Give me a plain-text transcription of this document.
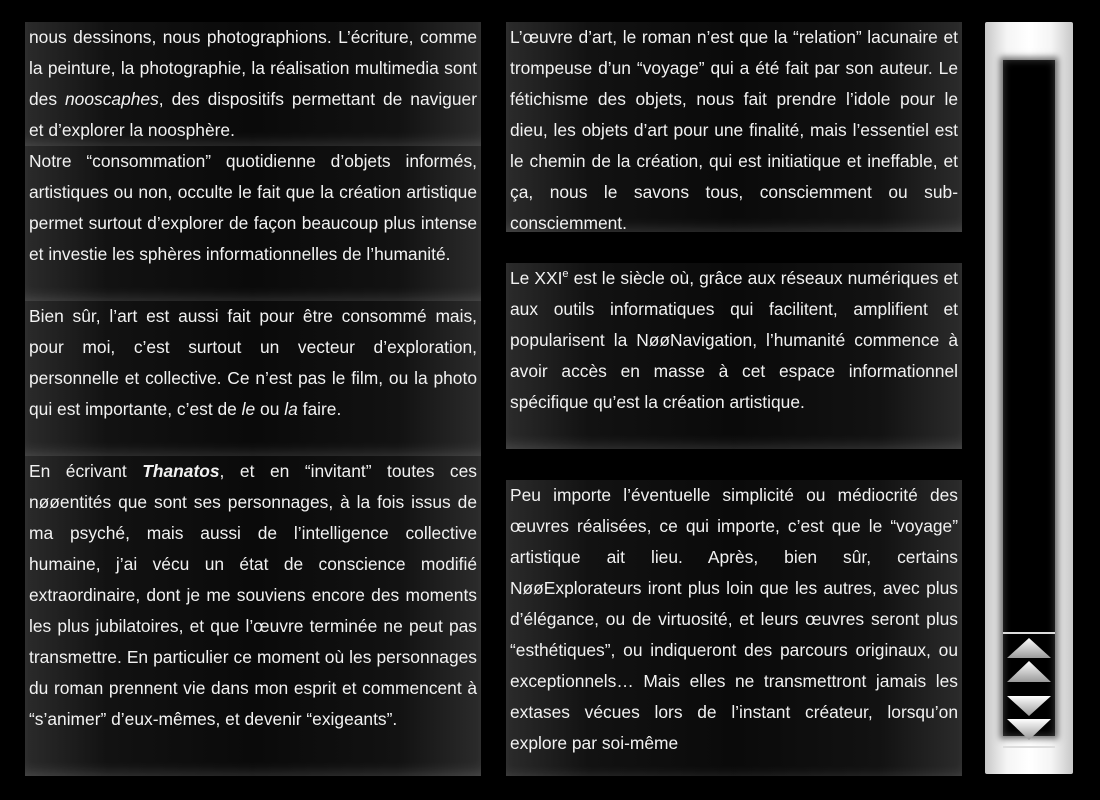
nous dessinons, nous photographions. L’écriture, comme la peinture, la photographie, la réalisation multimedia sont des nooscaphes, des dispositifs permettant de naviguer et d’explorer la noosphère.

Notre “consommation” quotidienne d’objets informés, artistiques ou non, occulte le fait que la création artistique permet surtout d’explorer de façon beaucoup plus intense et investie les sphères informationnelles de l’humanité.

Bien sûr, l’art est aussi fait pour être consommé mais, pour moi, c’est surtout un vecteur d’exploration, personnelle et collective. Ce n’est pas le film, ou la photo qui est importante, c’est de le ou la faire.

En écrivant Thanatos, et en “invitant” toutes ces nøøentités que sont ses personnages, à la fois issus de ma psyché, mais aussi de l’intelligence collective humaine, j’ai vécu un état de conscience modifié extraordinaire, dont je me souviens encore des moments les plus jubilatoires, et que l’œuvre terminée ne peut pas transmettre. En particulier ce moment où les personnages du roman prennent vie dans mon esprit et commencent à “s’animer” d’eux-mêmes, et devenir “exigeants”.

L’œuvre d’art, le roman n’est que la “relation” lacunaire et trompeuse d’un “voyage” qui a été fait par son auteur. Le fétichisme des objets, nous fait prendre l’idole pour le dieu, les objets d’art pour une finalité, mais l’essentiel est le chemin de la création, qui est initiatique et ineffable, et ça, nous le savons tous, consciemment ou sub-consciemment.

Le XXIe est le siècle où, grâce aux réseaux numériques et aux outils informatiques qui facilitent, amplifient et popularisent la NøøNavigation, l’humanité commence à avoir accès en masse à cet espace informationnel spécifique qu’est la création artistique.

Peu importe l’éventuelle simplicité ou médiocrité des œuvres réalisées, ce qui importe, c’est que le “voyage” artistique ait lieu. Après, bien sûr, certains NøøExplorateurs iront plus loin que les autres, avec plus d’élégance, ou de virtuosité, et leurs œuvres seront plus “esthétiques”, ou indiqueront des parcours originaux, ou exceptionnels… Mais elles ne transmettront jamais les extases vécues lors de l’instant créateur, lorsqu’on explore par soi-même
